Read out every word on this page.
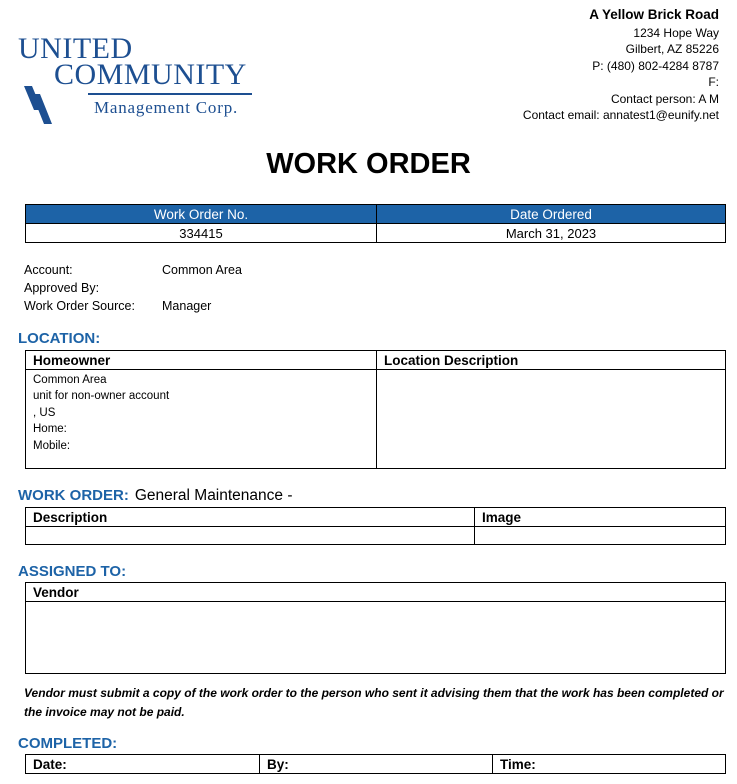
UNITED
COMMUNITY
Management Corp.
A Yellow Brick Road
1234 Hope Way
Gilbert, AZ 85226
P: (480) 802-4284 8787
F:
Contact person: A M
Contact email: annatest1@eunify.net
WORK ORDER
Work Order No.	Date Ordered
334415	March 31, 2023
Account:	Common Area
Approved By:
Work Order Source: Manager
LOCATION:
Homeowner	Location Description

Common Area
unit for non-owner account
, US
Home:
Mobile:	

WORK ORDER: General Maintenance -
Description	Image

ASSIGNED TO:
Vendor

Vendor must submit a copy of the work order to the person who sent it advising them that the work has been completed or the invoice may not be paid.
COMPLETED:
Date:	By:	Time:
